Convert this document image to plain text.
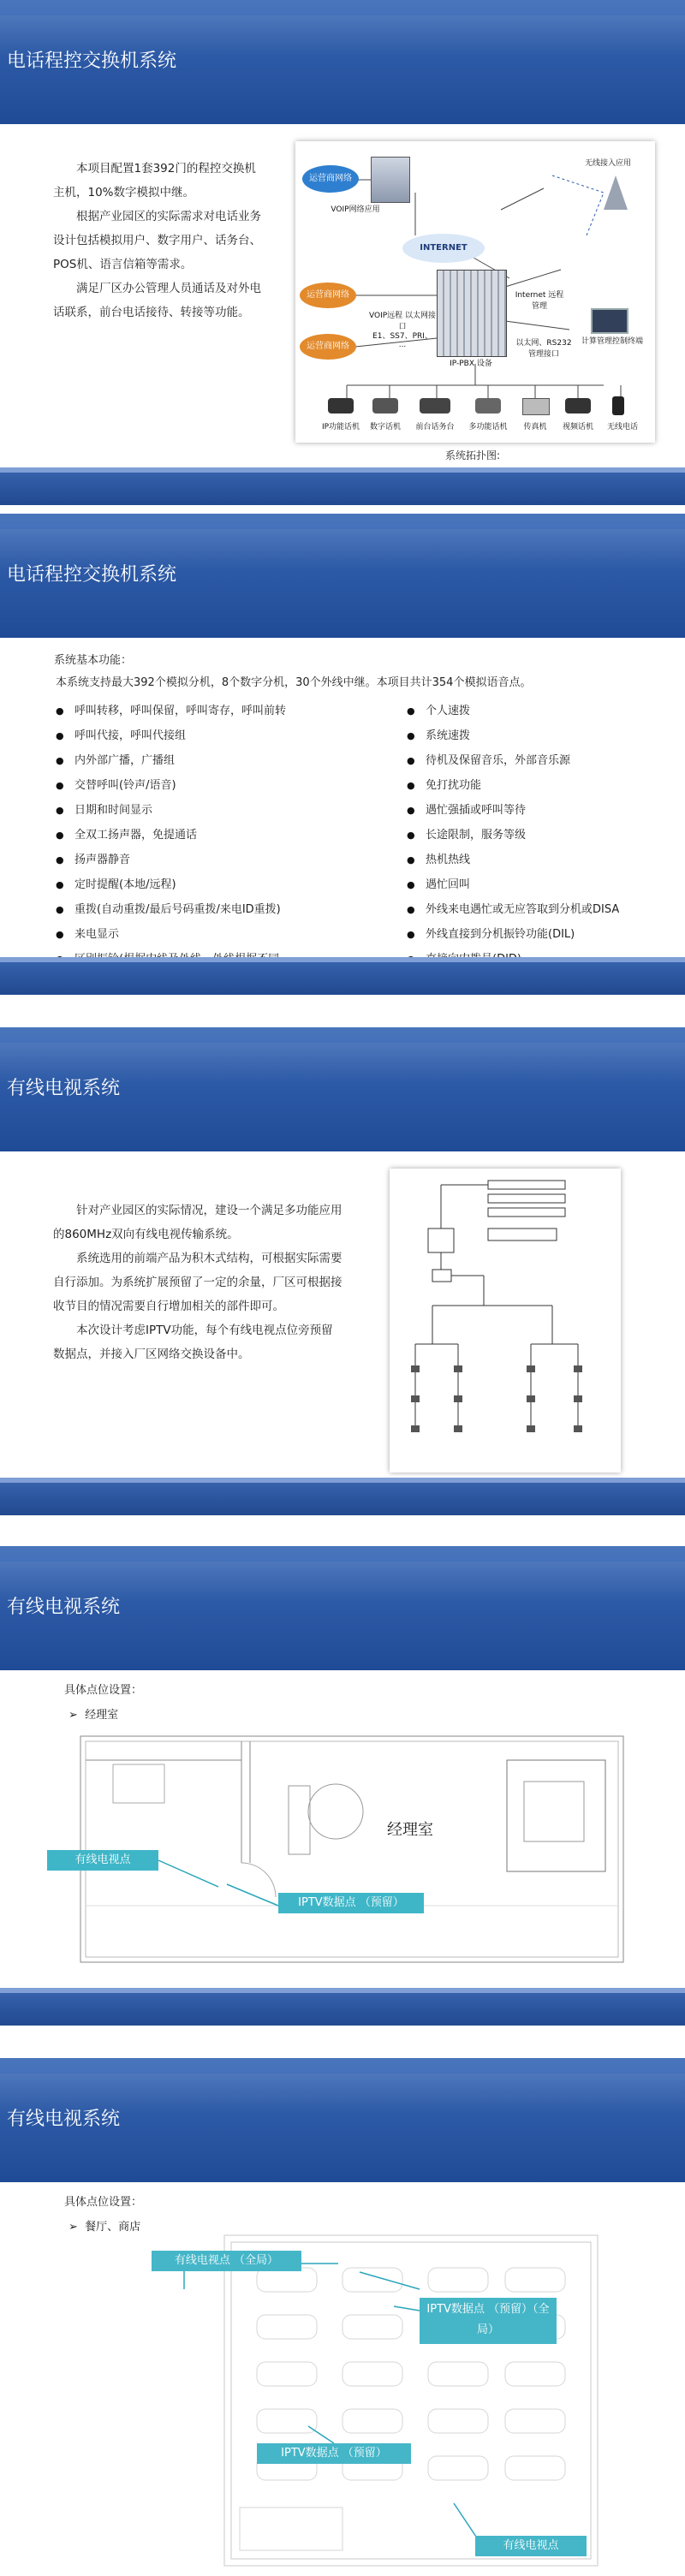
电话程控交换机系统

本项目配置1套392门的程控交换机主机，10%数字模拟中继。

根据产业园区的实际需求对电话业务设计包括模拟用户、数字用户、话务台、POS机、语言信箱等需求。

满足厂区办公管理人员通话及对外电话联系，前台电话接待、转接等功能。

运营商网络
VOIP网络应用
INTERNET
运营商网络
运营商网络
IP-PBX 设备
E1、SS7、PRI、 ...
VOIP远程 以太网接口
Internet 远程管理
以太网、RS232 管理接口
计算管理控制终端
无线接入应用
IP功能话机	数字话机	前台话务台	多功能话机	传真机	视频话机	无线电话
系统拓扑图:
电话程控交换机系统
系统基本功能：
本系统支持最大392个模拟分机，8个数字分机，30个外线中继。本项目共计354个模拟语音点。
● 呼叫转移，呼叫保留，呼叫寄存，呼叫前转
● 呼叫代接，呼叫代接组
● 内外部广播，广播组
● 交替呼叫(铃声/语音)
● 日期和时间显示
● 全双工扬声器，免提通话
● 扬声器静音
● 定时提醒(本地/远程)
● 重拨(自动重拨/最后号码重拨/来电ID重拨)
● 来电显示
●
● 个人速拨
● 系统速拨
● 待机及保留音乐，外部音乐源
● 免打扰功能
● 遇忙强插或呼叫等待
● 长途限制，服务等级
● 热机热线
● 遇忙回叫
● 外线来电遇忙或无应答取到分机或DISA
● 外线直接到分机振铃功能(DIL)
●
●
有线电视系统

针对产业园区的实际情况，建设一个满足多功能应用的860MHz双向有线电视传输系统。

系统选用的前端产品为积木式结构，可根据实际需要自行添加。为系统扩展预留了一定的余量，厂区可根据接收节目的情况需要自行增加相关的部件即可。

本次设计考虑IPTV功能，每个有线电视点位旁预留数据点，并接入厂区网络交换设备中。

有线电视系统
具体点位设置：
➢  经理室
经理室
有线电视点
IPTV数据点 （预留）
有线电视系统
具体点位设置：
➢  餐厅、商店
有线电视点 （全局）
IPTV数据点 （预留）（全局）
IPTV数据点 （预留）
有线电视点
